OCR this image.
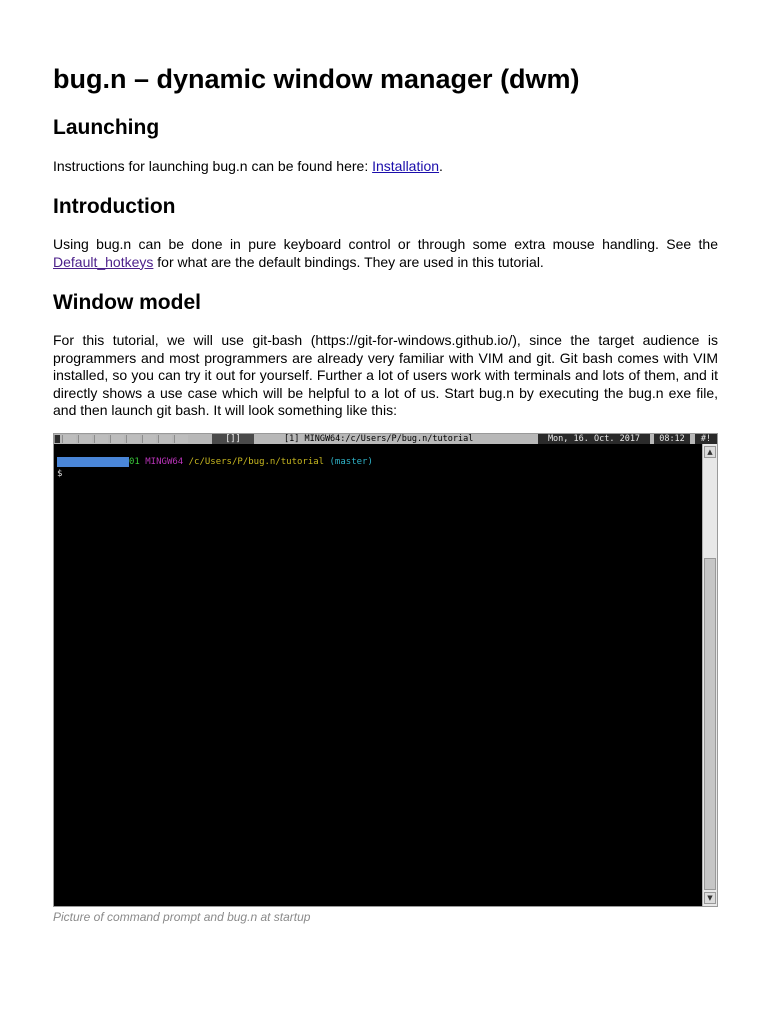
bug.n – dynamic window manager (dwm)
Launching

Instructions for launching bug.n can be found here: Installation.

Introduction

Using bug.n can be done in pure keyboard control or through some extra mouse handling. See the Default_hotkeys for what are the default bindings. They are used in this tutorial.

Window model

For this tutorial, we will use git-bash (https://git-for-windows.github.io/), since the target audience is programmers and most programmers are already very familiar with VIM and git. Git bash comes with VIM installed, so you can try it out for yourself. Further a lot of users work with terminals and lots of them, and it directly shows a use case which will be helpful to a lot of us. Start bug.n by executing the bug.n exe file, and then launch git bash. It will look something like this:

[]]	[1] MINGW64:/c/Users/P/bug.n/tutorial	Mon, 16. Oct. 2017	08:12	#!
01 MINGW64 /c/Users/P/bug.n/tutorial (master)
$
▲
▼

Picture of command prompt and bug.n at startup
